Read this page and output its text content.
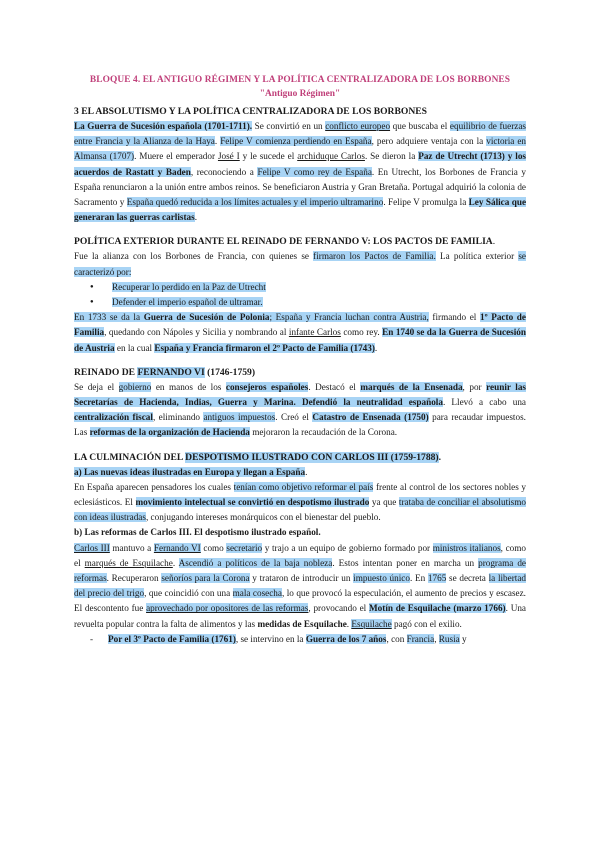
BLOQUE 4. EL ANTIGUO RÉGIMEN Y LA POLÍTICA CENTRALIZADORA DE LOS BORBONES
"Antiguo Régimen"
3 EL ABSOLUTISMO Y LA POLÍTICA CENTRALIZADORA DE LOS BORBONES

La Guerra de Sucesión española (1701-1711). Se convirtió en un conflicto europeo que buscaba el equilibrio de fuerzas entre Francia y la Alianza de la Haya. Felipe V comienza perdiendo en España, pero adquiere ventaja con la victoria en Almansa (1707). Muere el emperador José I y le sucede el archiduque Carlos. Se dieron la Paz de Utrecht (1713) y los acuerdos de Rastatt y Baden, reconociendo a Felipe V como rey de España. En Utrecht, los Borbones de Francia y España renunciaron a la unión entre ambos reinos. Se beneficiaron Austria y Gran Bretaña. Portugal adquirió la colonia de Sacramento y España quedó reducida a los límites actuales y el imperio ultramarino. Felipe V promulga la Ley Sálica que generaran las guerras carlistas.

POLÍTICA EXTERIOR DURANTE EL REINADO DE FERNANDO V: LOS PACTOS DE FAMILIA.

Fue la alianza con los Borbones de Francia, con quienes se firmaron los Pactos de Familia. La política exterior se caracterizó por:

● Recuperar lo perdido en la Paz de Utrecht
● Defender el imperio español de ultramar.

En 1733 se da la Guerra de Sucesión de Polonia; España y Francia luchan contra Austria, firmando el 1º Pacto de Familia, quedando con Nápoles y Sicilia y nombrando al infante Carlos como rey. En 1740 se da la Guerra de Sucesión de Austria en la cual España y Francia firmaron el 2º Pacto de Familia (1743).

REINADO DE FERNANDO VI (1746-1759)

Se deja el gobierno en manos de los consejeros españoles. Destacó el marqués de la Ensenada, por reunir las Secretarías de Hacienda, Indias, Guerra y Marina. Defendió la neutralidad española. Llevó a cabo una centralización fiscal, eliminando antiguos impuestos. Creó el Catastro de Ensenada (1750) para recaudar impuestos. Las reformas de la organización de Hacienda mejoraron la recaudación de la Corona.

LA CULMINACIÓN DEL DESPOTISMO ILUSTRADO CON CARLOS III (1759-1788).

a) Las nuevas ideas ilustradas en Europa y llegan a España.

En España aparecen pensadores los cuales tenían como objetivo reformar el país frente al control de los sectores nobles y eclesiásticos. El movimiento intelectual se convirtió en despotismo ilustrado ya que trataba de conciliar el absolutismo con ideas ilustradas, conjugando intereses monárquicos con el bienestar del pueblo.

b) Las reformas de Carlos III. El despotismo ilustrado español.

Carlos III mantuvo a Fernando VI como secretario y trajo a un equipo de gobierno formado por ministros italianos, como el marqués de Esquilache. Ascendió a políticos de la baja nobleza. Estos intentan poner en marcha un programa de reformas. Recuperaron señoríos para la Corona y trataron de introducir un impuesto único. En 1765 se decreta la libertad del precio del trigo, que coincidió con una mala cosecha, lo que provocó la especulación, el aumento de precios y escasez. El descontento fue aprovechado por opositores de las reformas, provocando el Motín de Esquilache (marzo 1766). Una revuelta popular contra la falta de alimentos y las medidas de Esquilache. Esquilache pagó con el exilio.

- Por el 3º Pacto de Familia (1761), se intervino en la Guerra de los 7 años, con Francia, Rusia y
